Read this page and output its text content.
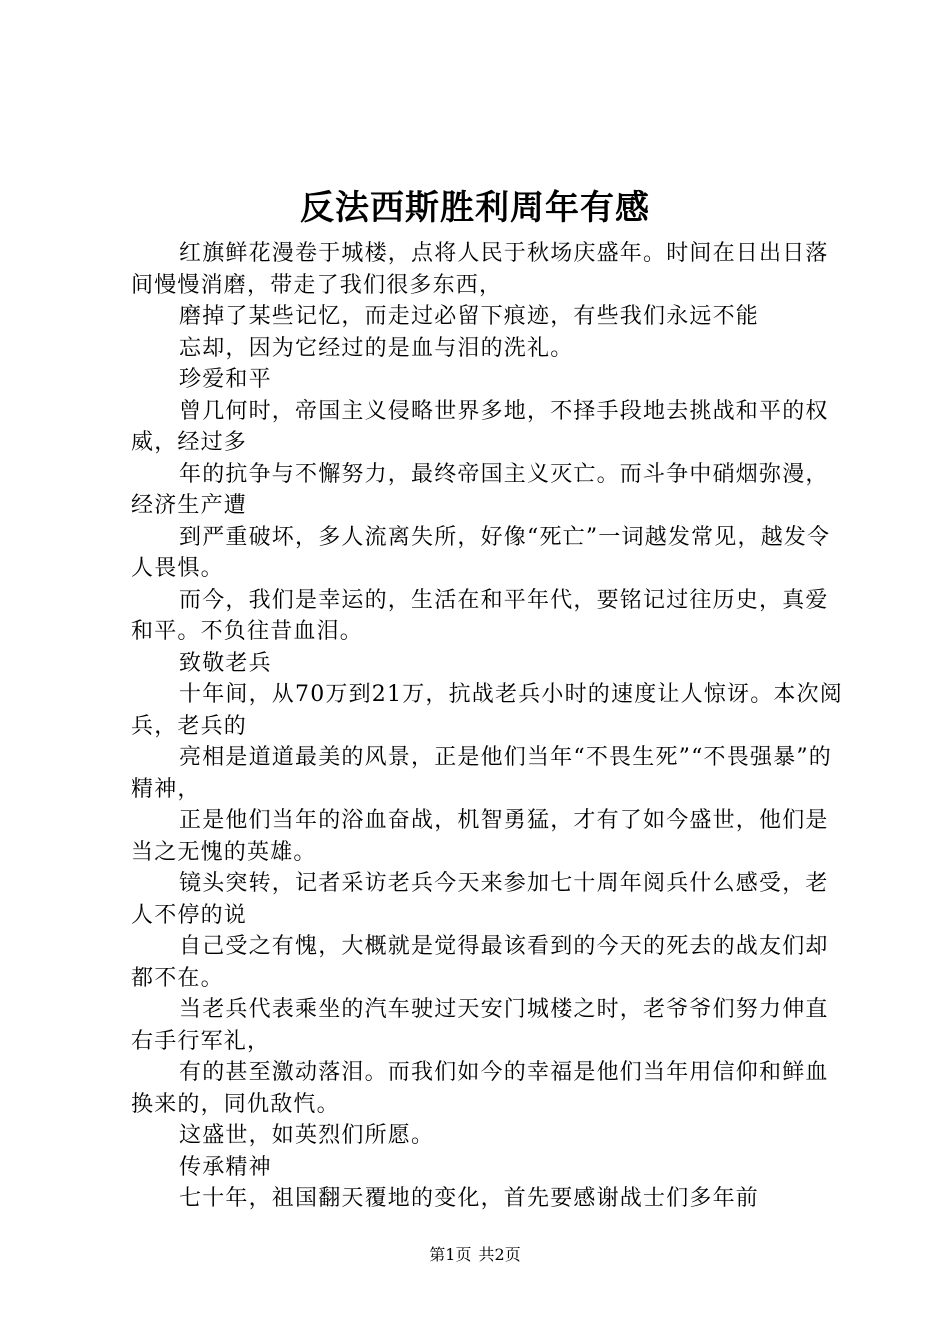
反法西斯胜利周年有感

红旗鲜花漫卷于城楼，点将人民于秋场庆盛年。时间在日出日落间慢慢消磨，带走了我们很多东西，

磨掉了某些记忆，而走过必留下痕迹，有些我们永远不能

忘却，因为它经过的是血与泪的洗礼。

珍爱和平

曾几何时，帝国主义侵略世界多地，不择手段地去挑战和平的权威，经过多

年的抗争与不懈努力，最终帝国主义灭亡。而斗争中硝烟弥漫，经济生产遭

到严重破坏，多人流离失所，好像“死亡”一词越发常见，越发令人畏惧。

而今，我们是幸运的，生活在和平年代，要铭记过往历史，真爱和平。不负往昔血泪。

致敬老兵

十年间，从70万到21万，抗战老兵小时的速度让人惊讶。本次阅兵，老兵的

亮相是道道最美的风景，正是他们当年“不畏生死”“不畏强暴”的精神，

正是他们当年的浴血奋战，机智勇猛，才有了如今盛世，他们是当之无愧的英雄。

镜头突转，记者采访老兵今天来参加七十周年阅兵什么感受，老人不停的说

自己受之有愧，大概就是觉得最该看到的今天的死去的战友们却都不在。

当老兵代表乘坐的汽车驶过天安门城楼之时，老爷爷们努力伸直右手行军礼，

有的甚至激动落泪。而我们如今的幸福是他们当年用信仰和鲜血换来的，同仇敌忾。

这盛世，如英烈们所愿。

传承精神

七十年，祖国翻天覆地的变化，首先要感谢战士们多年前

第1页 共2页
